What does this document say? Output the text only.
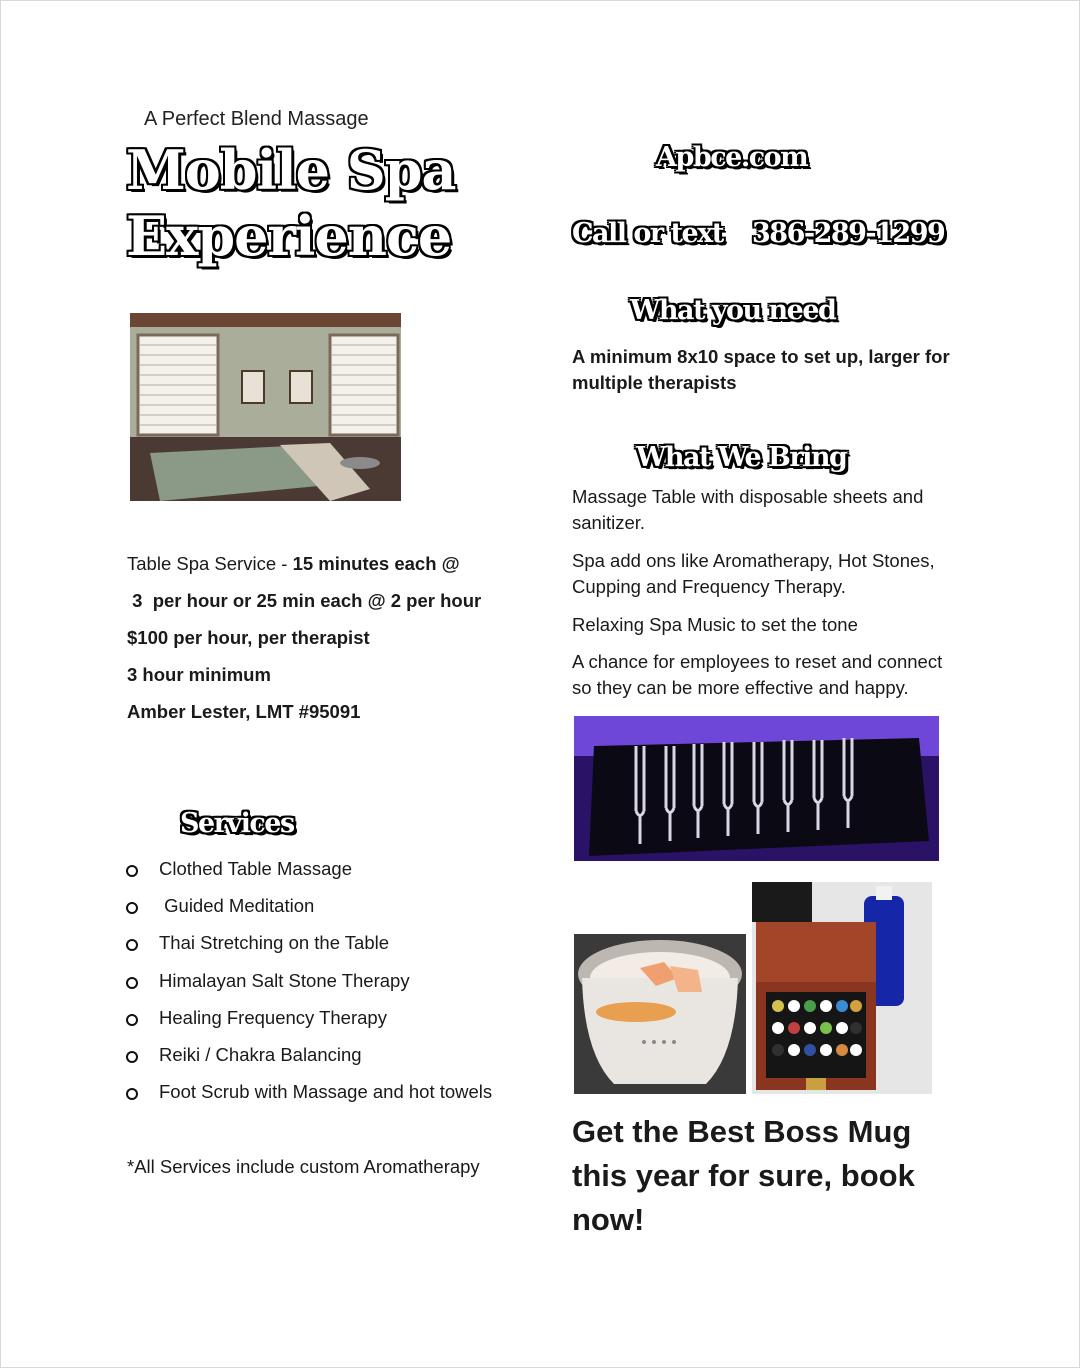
A Perfect Blend Massage
Mobile Spa
Experience
Apbce.com
Call or text 386-289-1299
Table Spa Service - 15 minutes each @
3  per hour or 25 min each @ 2 per hour
$100 per hour, per therapist
3 hour minimum
Amber Lester, LMT #95091
Services
Clothed Table Massage
Guided Meditation
Thai Stretching on the Table
Himalayan Salt Stone Therapy
Healing Frequency Therapy
Reiki / Chakra Balancing
Foot Scrub with Massage and hot towels
*All Services include custom Aromatherapy
What you need
A minimum 8x10 space to set up, larger for multiple therapists
What We Bring
Massage Table with disposable sheets and sanitizer.
Spa add ons like Aromatherapy, Hot Stones, Cupping and Frequency Therapy.
Relaxing Spa Music to set the tone
A chance for employees to reset and connect so they can be more effective and happy.
Get the Best Boss Mug this year for sure, book now!
